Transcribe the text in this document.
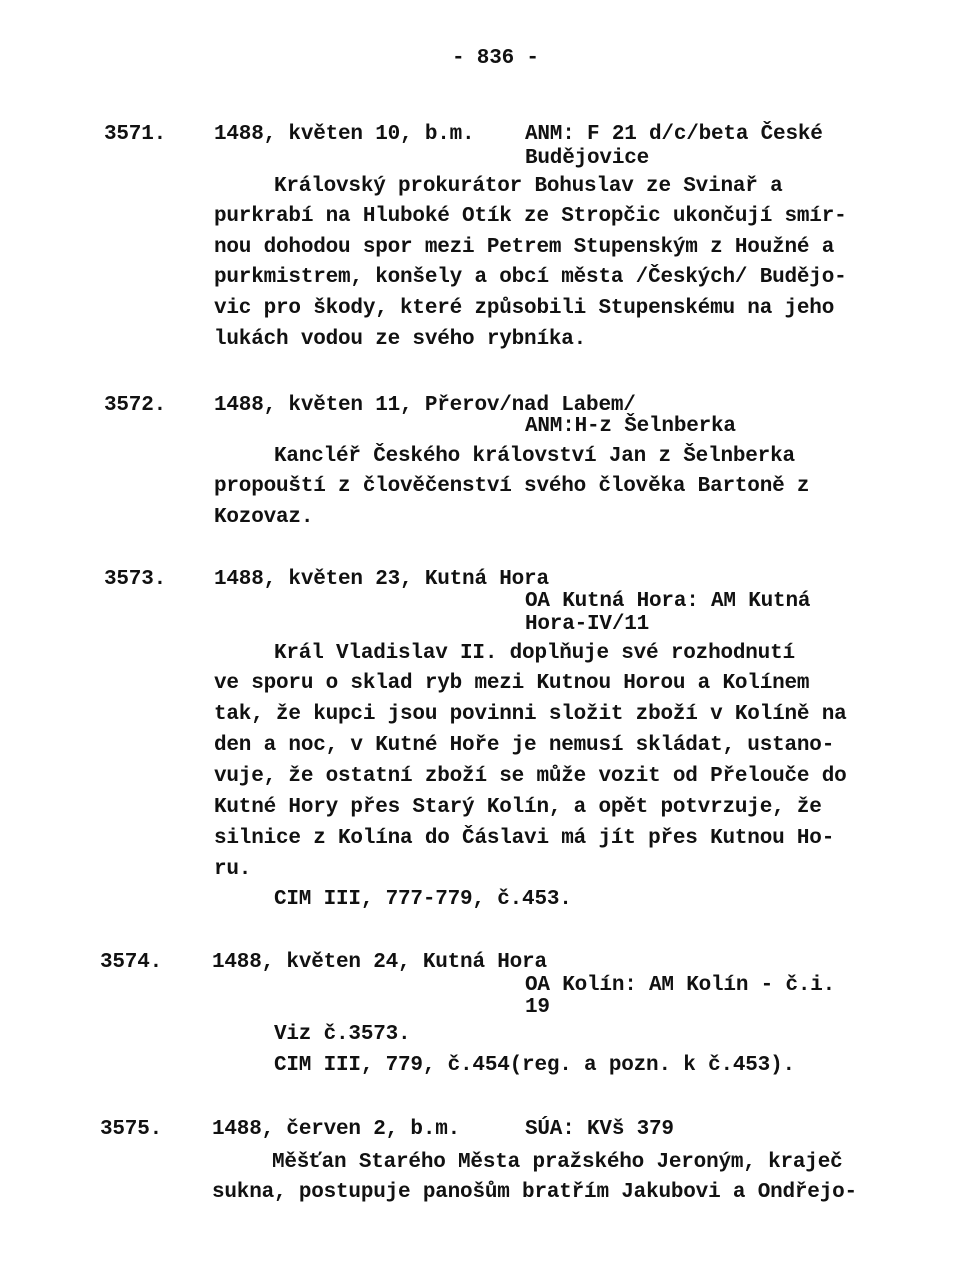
- 836 -
3571. 1488, květen 10, b.m. ANM: F 21 d/c/beta České
Budějovice
Královský prokurátor Bohuslav ze Svinař a
purkrabí na Hluboké Otík ze Stropčic ukončují smír-
nou dohodou spor mezi Petrem Stupenským z Houžné a
purkmistrem, konšely a obcí města /Českých/ Budějo-
vic pro škody, které způsobili Stupenskému na jeho
lukách vodou ze svého rybníka.
3572. 1488, květen 11, Přerov/nad Labem/
ANM:H-z Šelnberka
Kancléř Českého království Jan z Šelnberka
propouští z člověčenství svého člověka Bartoně z
Kozovaz.
3573. 1488, květen 23, Kutná Hora
OA Kutná Hora: AM Kutná
Hora-IV/11
Král Vladislav II. doplňuje své rozhodnutí
ve sporu o sklad ryb mezi Kutnou Horou a Kolínem
tak, že kupci jsou povinni složit zboží v Kolíně na
den a noc, v Kutné Hoře je nemusí skládat, ustano-
vuje, že ostatní zboží se může vozit od Přelouče do
Kutné Hory přes Starý Kolín, a opět potvrzuje, že
silnice z Kolína do Čáslavi má jít přes Kutnou Ho-
ru.
CIM III, 777-779, č.453.
3574. 1488, květen 24, Kutná Hora
OA Kolín: AM Kolín - č.i.
19
Viz č.3573.
CIM III, 779, č.454(reg. a pozn. k č.453).
3575. 1488, červen 2, b.m.	SÚA: KVš 379
Měšťan Starého Města pražského Jeroným, kraječ
sukna, postupuje panošům bratřím Jakubovi a Ondřejo-
